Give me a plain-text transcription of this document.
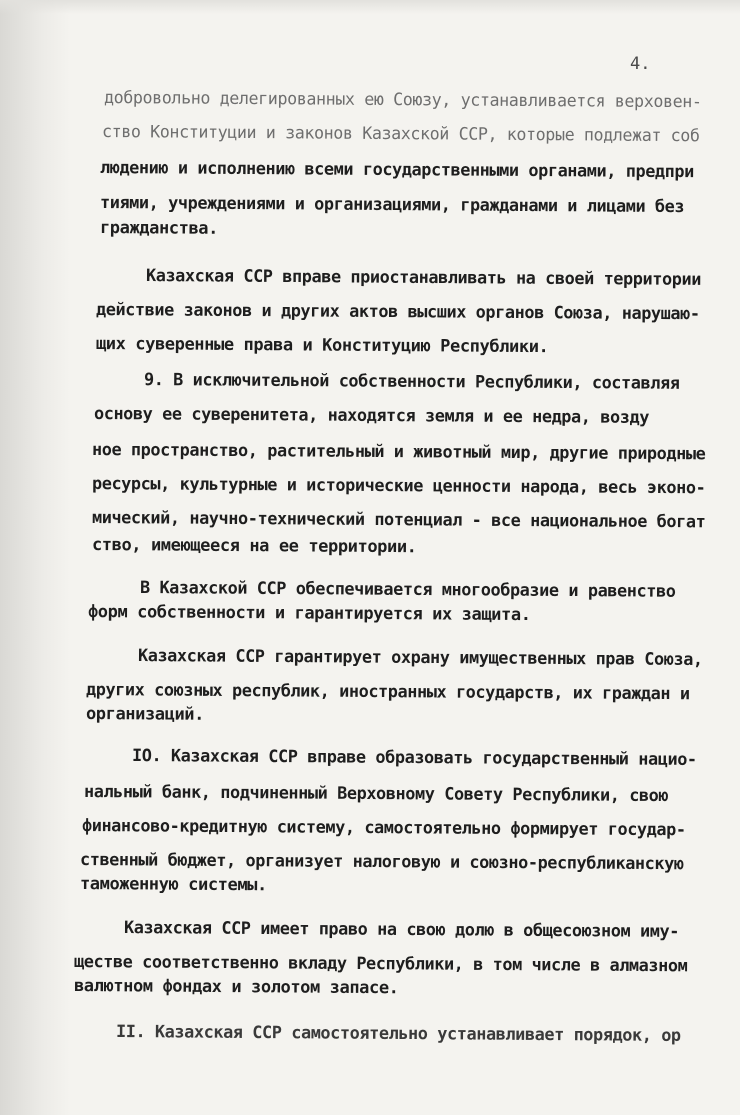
4.
добровольно делегированных ею Союзу, устанавливается верховен-
ство Конституции и законов Казахской ССР, которые подлежат соб
людению и исполнению всеми государственными органами, предпри
тиями, учреждениями и организациями, гражданами и лицами без
гражданства.
Казахская ССР вправе приостанавливать на своей территории
действие законов и других актов высших органов Союза, нарушаю-
щих суверенные права и Конституцию Республики.
9. В исключительной собственности Республики, составляя
основу ее суверенитета, находятся земля и ее недра, возду
ное пространство, растительный и животный мир, другие природные
ресурсы, культурные и исторические ценности народа, весь эконо-
мический, научно-технический потенциал - все национальное богат
ство, имеющееся на ее территории.
В Казахской ССР обеспечивается многообразие и равенство
форм собственности и гарантируется их защита.
Казахская ССР гарантирует охрану имущественных прав Союза,
других союзных республик, иностранных государств, их граждан и
организаций.
IO. Казахская ССР вправе образовать государственный нацио-
нальный банк, подчиненный Верховному Совету Республики, свою
финансово-кредитную систему, самостоятельно формирует государ-
ственный бюджет, организует налоговую и союзно-республиканскую
таможенную системы.
Казахская ССР имеет право на свою долю в общесоюзном иму-
ществе соответственно вкладу Республики, в том числе в алмазном
валютном фондах и золотом запасе.
II. Казахская ССР самостоятельно устанавливает порядок, ор
